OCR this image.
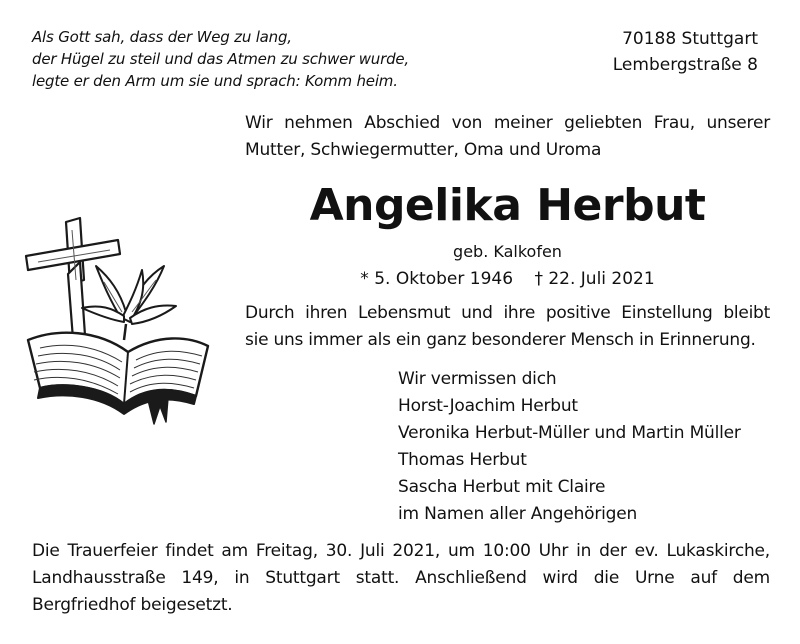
Als Gott sah, dass der Weg zu lang,
der Hügel zu steil und das Atmen zu schwer wurde,
legte er den Arm um sie und sprach: Komm heim.
70188 Stuttgart
Lembergstraße 8
Wir nehmen Abschied von meiner geliebten Frau, unserer
Mutter, Schwiegermutter, Oma und Uroma
Angelika Herbut
geb. Kalkofen
* 5. Oktober 1946 † 22. Juli 2021
Durch ihren Lebensmut und ihre positive Einstellung bleibt
sie uns immer als ein ganz besonderer Mensch in Erinnerung.
Wir vermissen dich
Horst-Joachim Herbut
Veronika Herbut-Müller und Martin Müller
Thomas Herbut
Sascha Herbut mit Claire
im Namen aller Angehörigen
Die Trauerfeier findet am Freitag, 30. Juli 2021, um 10:00 Uhr in der ev. Lukaskirche,
Landhausstraße 149, in Stuttgart statt. Anschließend wird die Urne auf dem
Bergfriedhof beigesetzt.
